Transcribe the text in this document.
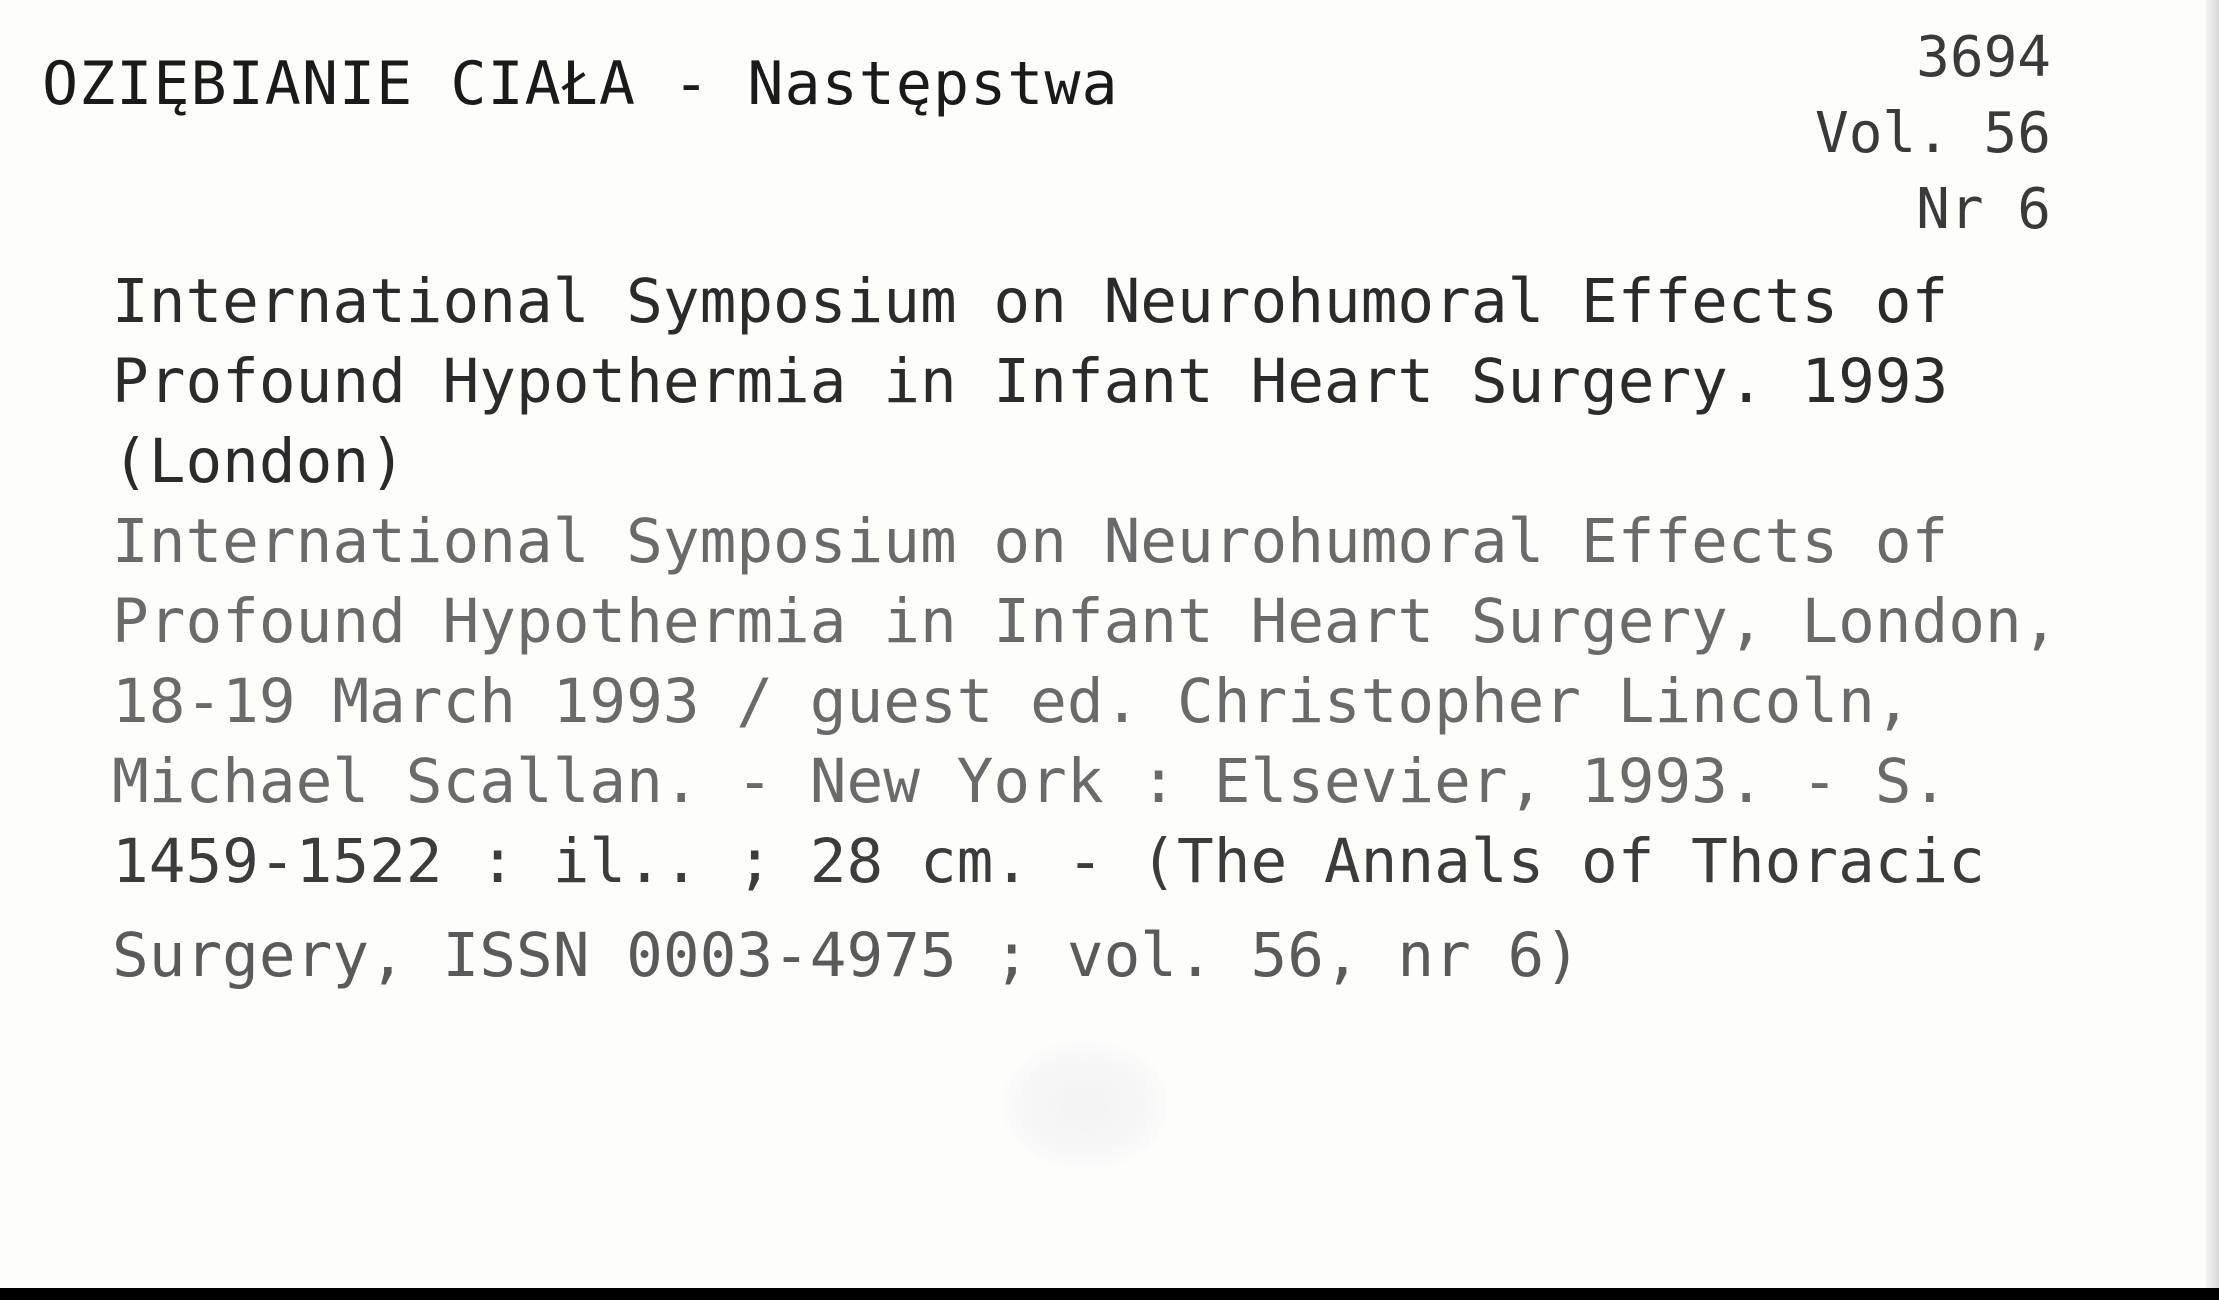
OZIĘBIANIE CIAŁA - Następstwa	3694
Vol. 56
Nr 6
International Symposium on Neurohumoral Effects of
Profound Hypothermia in Infant Heart Surgery. 1993
(London)
International Symposium on Neurohumoral Effects of
Profound Hypothermia in Infant Heart Surgery, London,
18-19 March 1993 / guest ed. Christopher Lincoln,
Michael Scallan. - New York : Elsevier, 1993. - S.
1459-1522 : il.. ; 28 cm. - (The Annals of Thoracic
Surgery, ISSN 0003-4975 ; vol. 56, nr 6)
